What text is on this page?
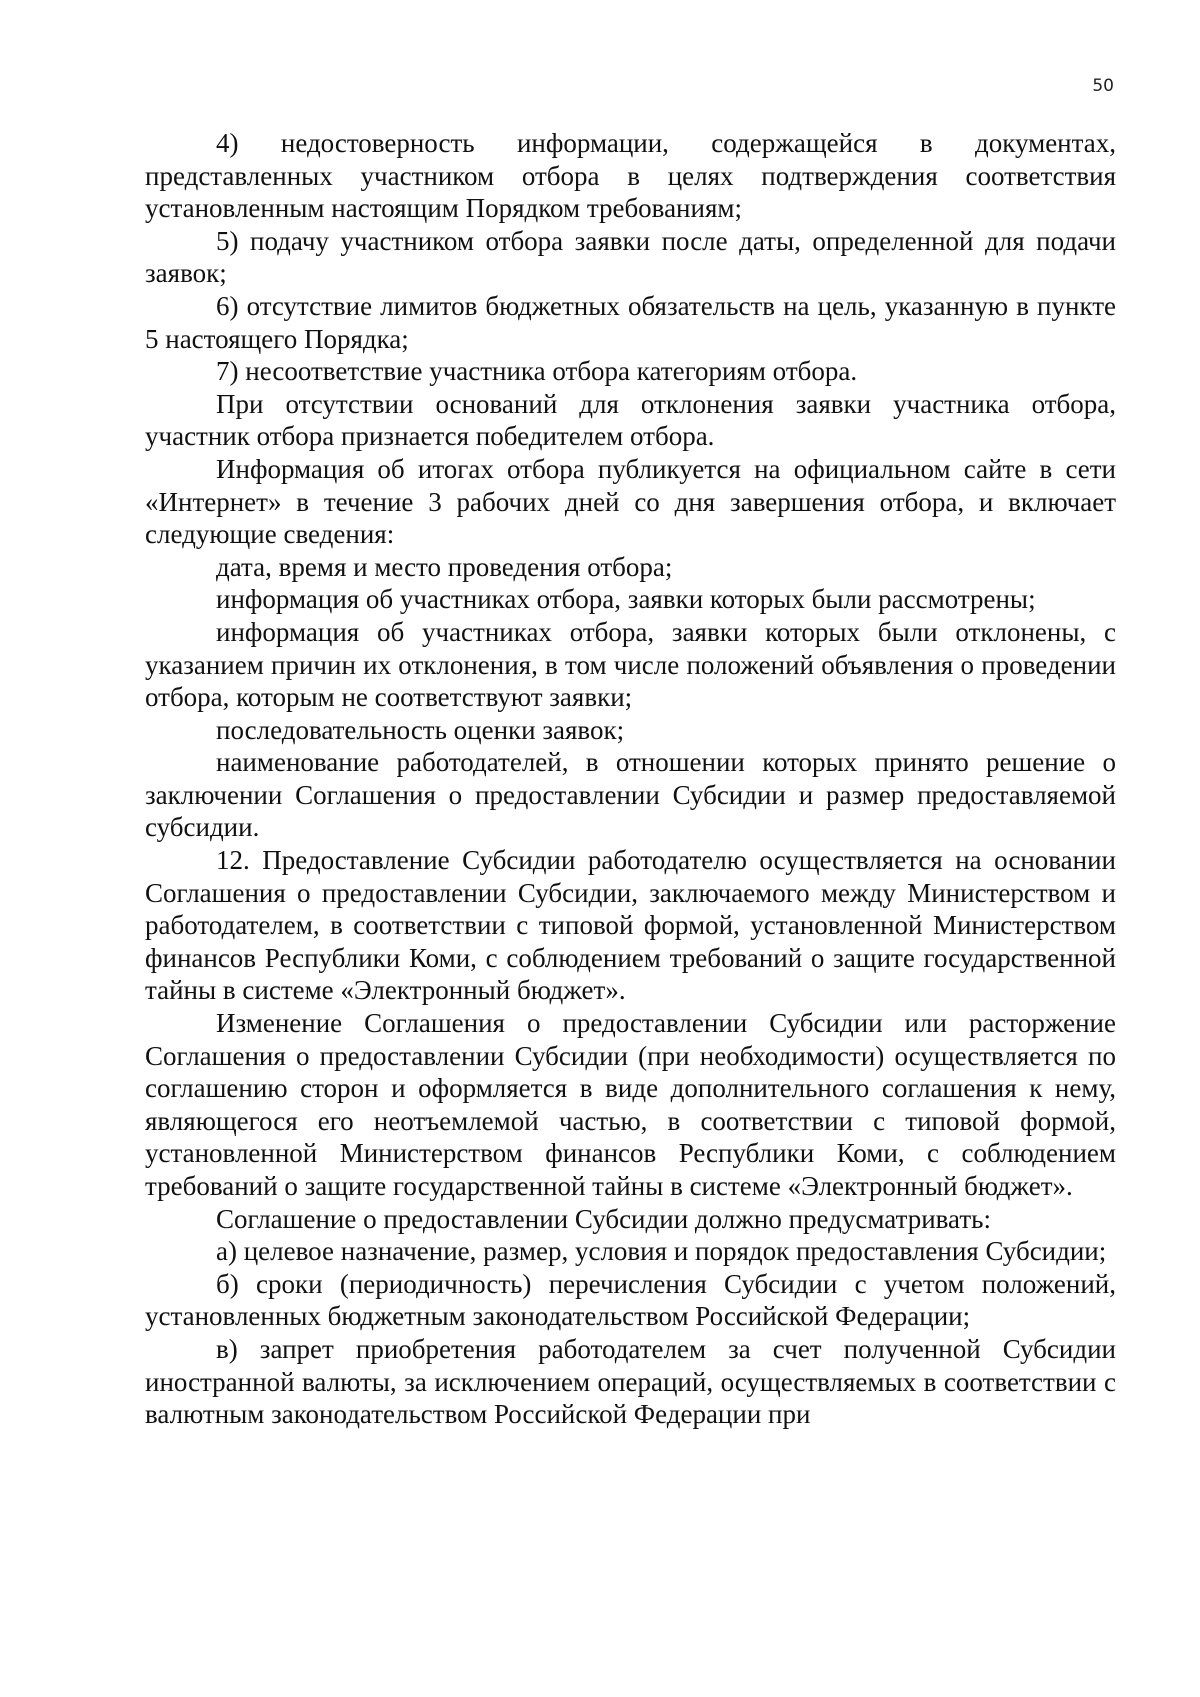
50

4) недостоверность информации, содержащейся в документах, представленных участником отбора в целях подтверждения соответствия установленным настоящим Порядком требованиям;

5) подачу участником отбора заявки после даты, определенной для подачи заявок;

6) отсутствие лимитов бюджетных обязательств на цель, указанную в пункте 5 настоящего Порядка;

7) несоответствие участника отбора категориям отбора.

При отсутствии оснований для отклонения заявки участника отбора, участник отбора признается победителем отбора.

Информация об итогах отбора публикуется на официальном сайте в сети «Интернет» в течение 3 рабочих дней со дня завершения отбора, и включает следующие сведения:

дата, время и место проведения отбора;

информация об участниках отбора, заявки которых были рассмотрены;

информация об участниках отбора, заявки которых были отклонены, с указанием причин их отклонения, в том числе положений объявления о проведении отбора, которым не соответствуют заявки;

последовательность оценки заявок;

наименование работодателей, в отношении которых принято решение о заключении Соглашения о предоставлении Субсидии и размер предоставляемой субсидии.

12. Предоставление Субсидии работодателю осуществляется на основании Соглашения о предоставлении Субсидии, заключаемого между Министерством и работодателем, в соответствии с типовой формой, установленной Министерством финансов Республики Коми, с соблюдением требований о защите государственной тайны в системе «Электронный бюджет».

Изменение Соглашения о предоставлении Субсидии или расторжение Соглашения о предоставлении Субсидии (при необходимости) осуществляется по соглашению сторон и оформляется в виде дополнительного соглашения к нему, являющегося его неотъемлемой частью, в соответствии с типовой формой, установленной Министерством финансов Республики Коми, с соблюдением требований о защите государственной тайны в системе «Электронный бюджет».

Соглашение о предоставлении Субсидии должно предусматривать:

а) целевое назначение, размер, условия и порядок предоставления Субсидии;

б) сроки (периодичность) перечисления Субсидии с учетом положений, установленных бюджетным законодательством Российской Федерации;

в) запрет приобретения работодателем за счет полученной Субсидии иностранной валюты, за исключением операций, осуществляемых в соответствии с валютным законодательством Российской Федерации при
